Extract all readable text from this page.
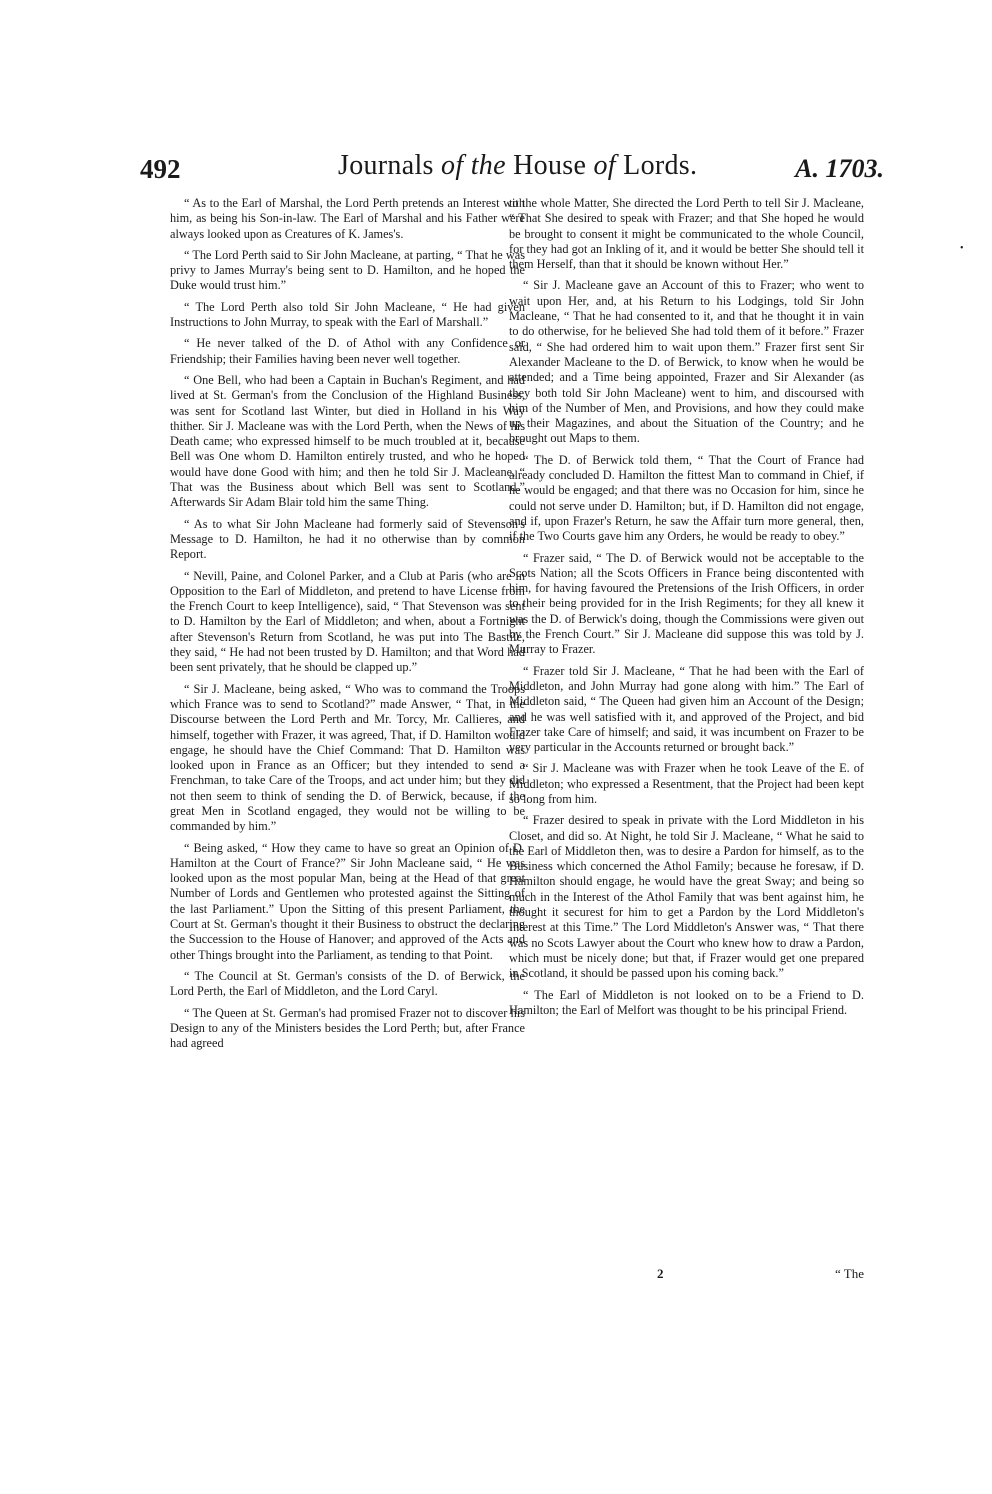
492	Journals of the House of Lords.	A. 1703.

“ As to the Earl of Marshal, the Lord Perth pretends an Interest with him, as being his Son-in-law. The Earl of Marshal and his Father were always looked upon as Creatures of K. James's.

“ The Lord Perth said to Sir John Macleane, at parting, “ That he was privy to James Murray's being sent to D. Hamilton, and he hoped the Duke would trust him.”

“ The Lord Perth also told Sir John Macleane, “ He had given Instructions to John Murray, to speak with the Earl of Marshall.”

“ He never talked of the D. of Athol with any Confidence or Friendship; their Families having been never well together.

“ One Bell, who had been a Captain in Buchan's Regiment, and had lived at St. German's from the Conclusion of the Highland Business, was sent for Scotland last Winter, but died in Holland in his Way thither. Sir J. Macleane was with the Lord Perth, when the News of his Death came; who expressed himself to be much troubled at it, because Bell was One whom D. Hamilton entirely trusted, and who he hoped would have done Good with him; and then he told Sir J. Macleane, “ That was the Business about which Bell was sent to Scotland.” Afterwards Sir Adam Blair told him the same Thing.

“ As to what Sir John Macleane had formerly said of Stevenson's Message to D. Hamilton, he had it no otherwise than by common Report.

“ Nevill, Paine, and Colonel Parker, and a Club at Paris (who are in Opposition to the Earl of Middleton, and pretend to have License from the French Court to keep Intelligence), said, “ That Stevenson was sent to D. Hamilton by the Earl of Middleton; and when, about a Fortnight after Stevenson's Return from Scotland, he was put into The Bastile, they said, “ He had not been trusted by D. Hamilton; and that Word had been sent privately, that he should be clapped up.”

“ Sir J. Macleane, being asked, “ Who was to command the Troops which France was to send to Scotland?” made Answer, “ That, in the Discourse between the Lord Perth and Mr. Torcy, Mr. Callieres, and himself, together with Frazer, it was agreed, That, if D. Hamilton would engage, he should have the Chief Command: That D. Hamilton was looked upon in France as an Officer; but they intended to send a Frenchman, to take Care of the Troops, and act under him; but they did not then seem to think of sending the D. of Berwick, because, if the great Men in Scotland engaged, they would not be willing to be commanded by him.”

“ Being asked, “ How they came to have so great an Opinion of D. Hamilton at the Court of France?” Sir John Macleane said, “ He was looked upon as the most popular Man, being at the Head of that great Number of Lords and Gentlemen who protested against the Sitting of the last Parliament.” Upon the Sitting of this present Parliament, the Court at St. German's thought it their Business to obstruct the declaring the Succession to the House of Hanover; and approved of the Acts and other Things brought into the Parliament, as tending to that Point.

“ The Council at St. German's consists of the D. of Berwick, the Lord Perth, the Earl of Middleton, and the Lord Caryl.

“ The Queen at St. German's had promised Frazer not to discover his Design to any of the Ministers besides the Lord Perth; but, after France had agreed

to the whole Matter, She directed the Lord Perth to tell Sir J. Macleane, “ That She desired to speak with Frazer; and that She hoped he would be brought to consent it might be communicated to the whole Council, for they had got an Inkling of it, and it would be better She should tell it them Herself, than that it should be known without Her.”

“ Sir J. Macleane gave an Account of this to Frazer; who went to wait upon Her, and, at his Return to his Lodgings, told Sir John Macleane, “ That he had consented to it, and that he thought it in vain to do otherwise, for he believed She had told them of it before.” Frazer said, “ She had ordered him to wait upon them.” Frazer first sent Sir Alexander Macleane to the D. of Berwick, to know when he would be attended; and a Time being appointed, Frazer and Sir Alexander (as they both told Sir John Macleane) went to him, and discoursed with him of the Number of Men, and Provisions, and how they could make up their Magazines, and about the Situation of the Country; and he brought out Maps to them.

“ The D. of Berwick told them, “ That the Court of France had already concluded D. Hamilton the fittest Man to command in Chief, if he would be engaged; and that there was no Occasion for him, since he could not serve under D. Hamilton; but, if D. Hamilton did not engage, and if, upon Frazer's Return, he saw the Affair turn more general, then, if the Two Courts gave him any Orders, he would be ready to obey.”

“ Frazer said, “ The D. of Berwick would not be acceptable to the Scots Nation; all the Scots Officers in France being discontented with him, for having favoured the Pretensions of the Irish Officers, in order to their being provided for in the Irish Regiments; for they all knew it was the D. of Berwick's doing, though the Commissions were given out by the French Court.” Sir J. Macleane did suppose this was told by J. Murray to Frazer.

“ Frazer told Sir J. Macleane, “ That he had been with the Earl of Middleton, and John Murray had gone along with him.” The Earl of Middleton said, “ The Queen had given him an Account of the Design; and he was well satisfied with it, and approved of the Project, and bid Frazer take Care of himself; and said, it was incumbent on Frazer to be very particular in the Accounts returned or brought back.”

“ Sir J. Macleane was with Frazer when he took Leave of the E. of Middleton; who expressed a Resentment, that the Project had been kept so long from him.

“ Frazer desired to speak in private with the Lord Middleton in his Closet, and did so. At Night, he told Sir J. Macleane, “ What he said to the Earl of Middleton then, was to desire a Pardon for himself, as to the Business which concerned the Athol Family; because he foresaw, if D. Hamilton should engage, he would have the great Sway; and being so much in the Interest of the Athol Family that was bent against him, he thought it securest for him to get a Pardon by the Lord Middleton's Interest at this Time.” The Lord Middleton's Answer was, “ That there was no Scots Lawyer about the Court who knew how to draw a Pardon, which must be nicely done; but that, if Frazer would get one prepared in Scotland, it should be passed upon his coming back.”

“ The Earl of Middleton is not looked on to be a Friend to D. Hamilton; the Earl of Melfort was thought to be his principal Friend.

2	“ The
•
